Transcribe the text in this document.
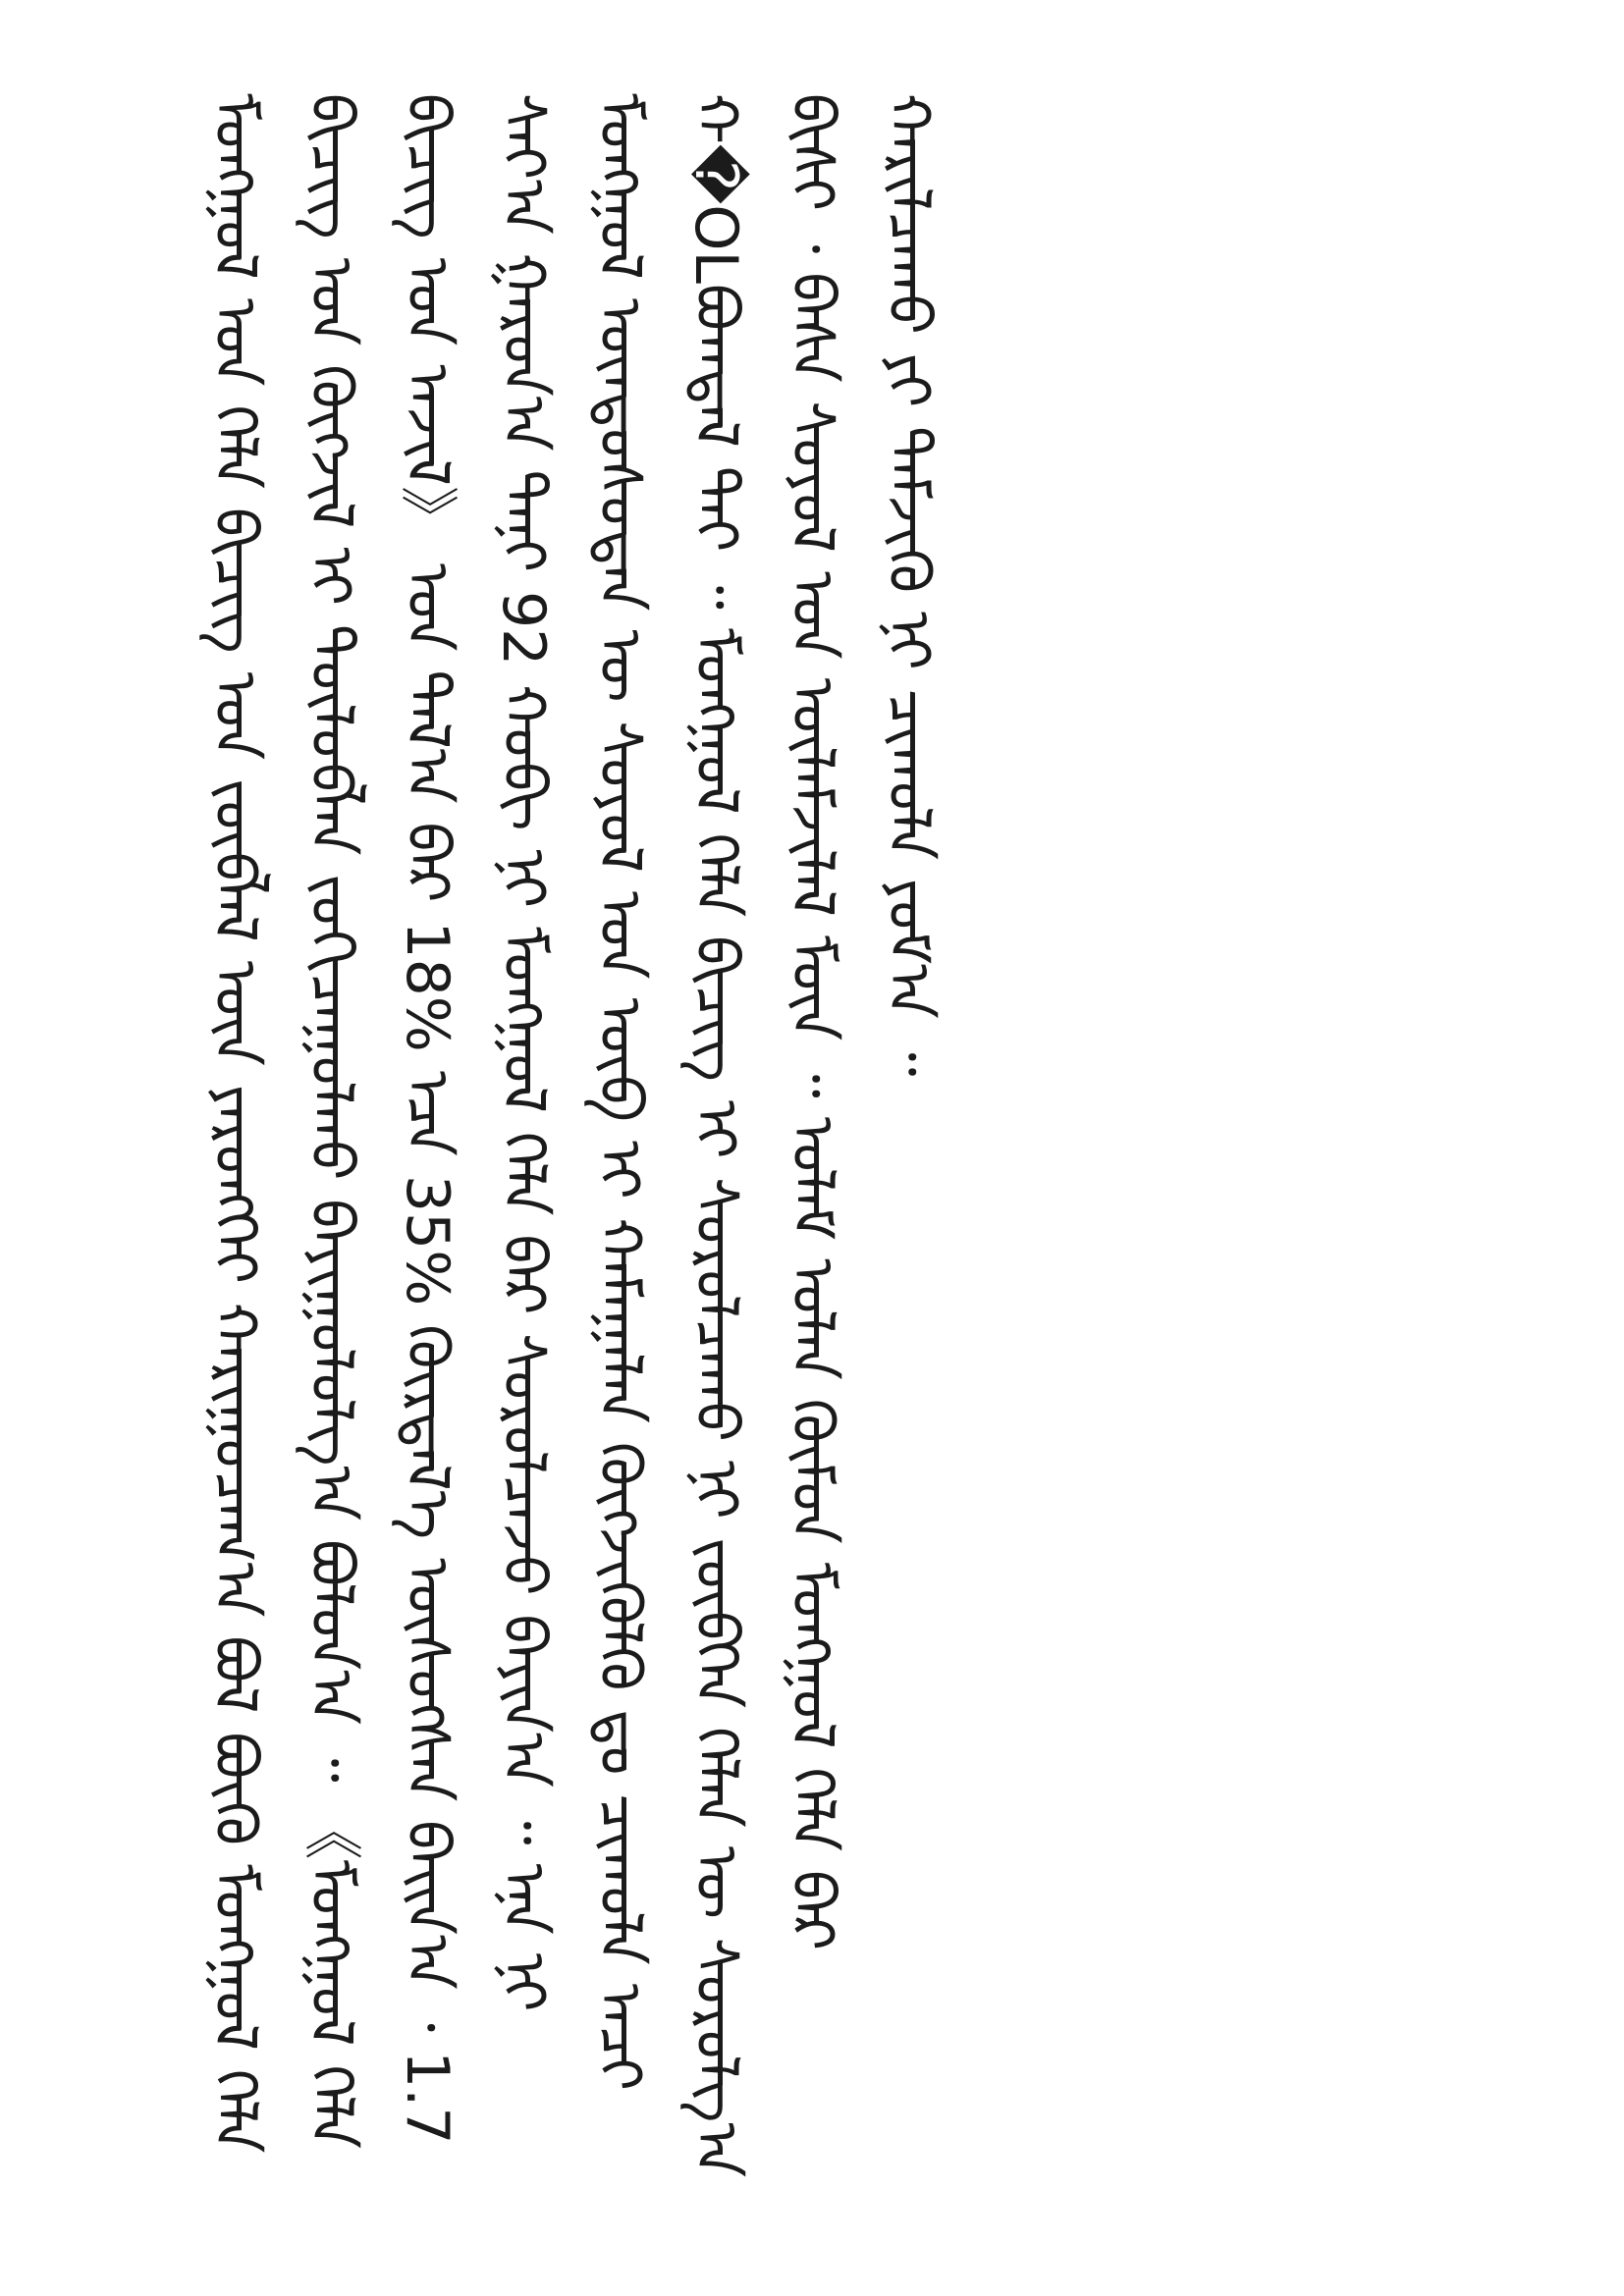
ᠮᠣᠩᠭᠣᠯ ᠤᠨ ᠬᠡᠯᠡ ᠪᠢᠴᠢᠭ ᠤᠨ ᠵᠥᠪᠯᠡᠯ ᠦᠨ ᠶᠡᠷᠦᠩᠬᠡᠢ ᠬᠠᠷᠢᠭᠤᠴᠠᠭ᠎ᠠ ᠪᠣᠯ ᠪᠦᠬᠦ ᠮᠣᠩᠭᠣᠯ ᠬᠡᠯᠡ ᠪᠢᠴᠢᠭ ᠤᠨ ᠬᠥᠭᠵᠢᠯ ᠢ ᠲᠥᠯᠥᠪᠯᠡᠨ ᠵᠣᠬᠢᠴᠠᠭᠤᠯᠬᠤ ᠪᠠᠶᠢᠭᠤᠯᠤᠯᠭ᠎ᠠ ᠪᠣᠯᠤᠨ᠎ᠠ ᠃ 《ᠮᠣᠩᠭᠣᠯ ᠬᠡᠯᠡ ᠪᠢᠴᠢᠭ ᠤᠨ ᠠᠵᠢᠯ》 ᠤᠨ ᠲᠠᠯ᠎ᠠ ᠪᠠᠷ 18% ᠡᠴᠡ 35% ᠬᠦᠷᠲᠡᠯ᠎ᠡ ᠥᠰᠥᠭᠰᠡᠨ ᠪᠠᠢᠨ᠎ᠠ ᠂ 1.7 ᠰᠠᠶ᠎ᠠ ᠭᠠᠷᠤᠨ᠎ᠠ ᠲᠠᠨᠢ 92 ᠬᠤᠪᠢ ᠨᠢ ᠮᠣᠩᠭᠣᠯ ᠬᠡᠯᠡ ᠪᠡᠷ ᠰᠤᠷᠤᠯᠴᠠᠵᠤ ᠪᠠᠶᠢᠨ᠎ᠠ ᠃ ᠡᠨᠡ ᠨᠢ ᠮᠣᠩᠭᠣᠯ ᠦᠨᠳᠦᠰᠦᠲᠡᠨ ᠦ ᠰᠤᠶᠣᠯ ᠤᠨ ᠥᠪ ᠢ ᠬᠠᠮᠠᠭᠠᠯᠠᠨ ᠬᠥᠭᠵᠢᠭᠦᠯᠬᠦ ᠳᠤ ᠴᠢᠬᠤᠯᠠ ᠠᠴᠢ ᠬ�OLᠪᠣᠭᠳᠠᠯ ᠲᠠᠢ ᠃ ᠮᠣᠩᠭᠣᠯ ᠬᠡᠯᠡ ᠪᠢᠴᠢᠭ ᠢ ᠰᠤᠷᠤᠯᠴᠠᠬᠤ ᠨᠢ ᠵᠥᠪᠬᠡᠨ ᠬᠡᠯᠡᠨ ᠦ ᠰᠤᠷᠤᠯᠭ᠎ᠠ ᠪᠢᠰᠢ ᠂ ᠪᠠᠰᠠ ᠰᠣᠶᠣᠯ ᠤᠨ ᠦᠯᠡᠮᠵᠢᠯᠡᠯ ᠮᠥᠨ ᠃ ᠤᠯᠠᠮ ᠣᠯᠠᠨ ᠬᠥᠮᠦᠨ ᠮᠣᠩᠭᠣᠯ ᠬᠡᠯᠡ ᠪᠡᠷ ᠬᠠᠷᠢᠯᠴᠠᠬᠤ ᠶᠢ ᠳᠡᠮᠵᠢᠬᠦ ᠨᠢ ᠴᠢᠬᠤᠯᠠ ᠶᠤᠮ᠎ᠠ ᠃
